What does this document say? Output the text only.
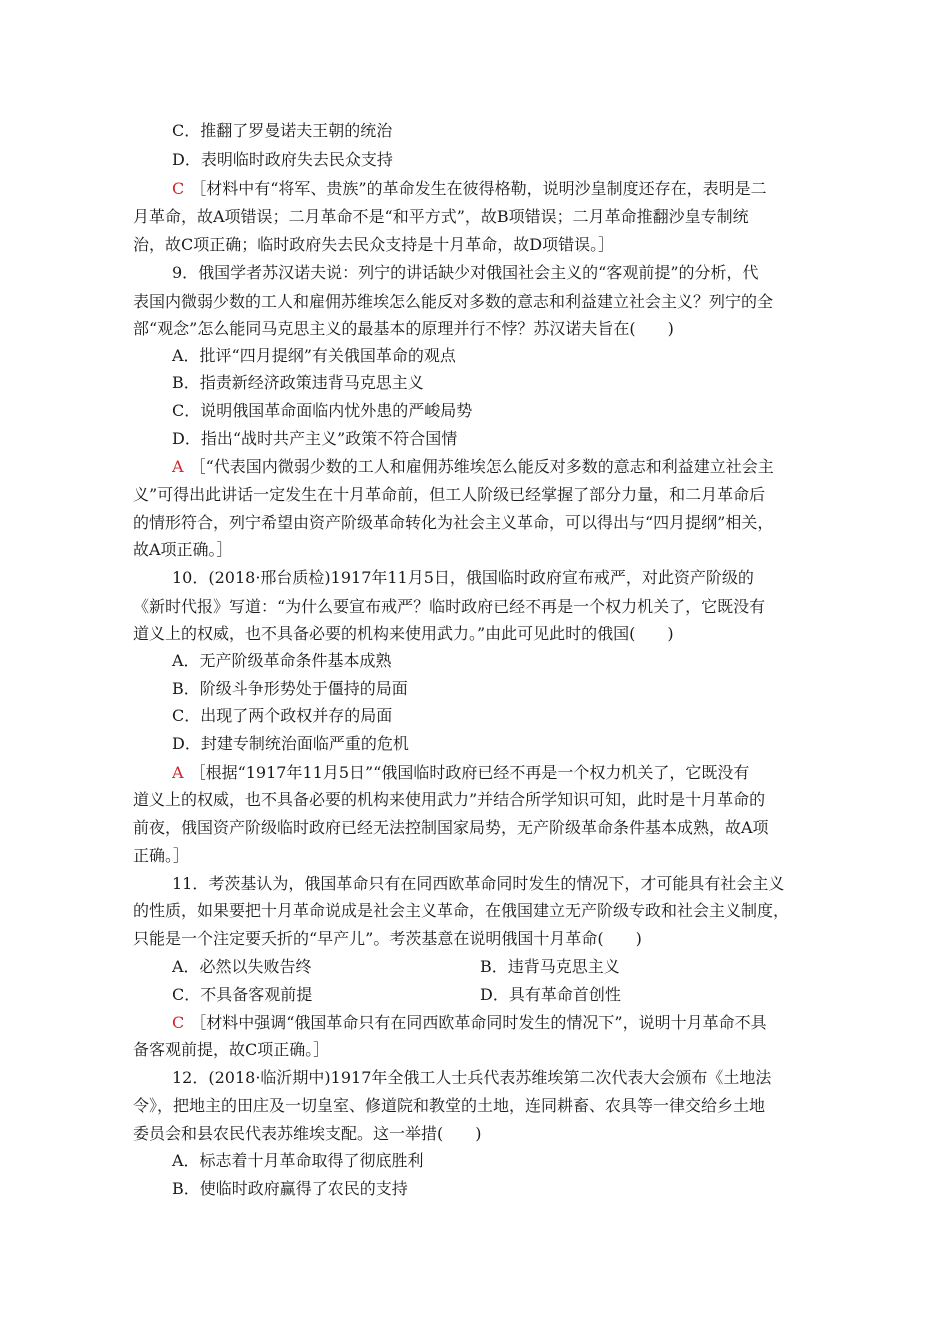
C．推翻了罗曼诺夫王朝的统治
D．表明临时政府失去民众支持
C ［材料中有“将军、贵族”的革命发生在彼得格勒，说明沙皇制度还存在，表明是二
月革命，故A项错误；二月革命不是“和平方式”，故B项错误；二月革命推翻沙皇专制统
治，故C项正确；临时政府失去民众支持是十月革命，故D项错误。］
9．俄国学者苏汉诺夫说：列宁的讲话缺少对俄国社会主义的“客观前提”的分析，代
表国内微弱少数的工人和雇佣苏维埃怎么能反对多数的意志和利益建立社会主义？列宁的全
部“观念”怎么能同马克思主义的最基本的原理并行不悖？苏汉诺夫旨在(　　)
A．批评“四月提纲”有关俄国革命的观点
B．指责新经济政策违背马克思主义
C．说明俄国革命面临内忧外患的严峻局势
D．指出“战时共产主义”政策不符合国情
A ［“代表国内微弱少数的工人和雇佣苏维埃怎么能反对多数的意志和利益建立社会主
义”可得出此讲话一定发生在十月革命前，但工人阶级已经掌握了部分力量，和二月革命后
的情形符合，列宁希望由资产阶级革命转化为社会主义革命，可以得出与“四月提纲”相关，
故A项正确。］
10．(2018·邢台质检)1917年11月5日，俄国临时政府宣布戒严，对此资产阶级的
《新时代报》写道：“为什么要宣布戒严？临时政府已经不再是一个权力机关了，它既没有
道义上的权威，也不具备必要的机构来使用武力。”由此可见此时的俄国(　　)
A．无产阶级革命条件基本成熟
B．阶级斗争形势处于僵持的局面
C．出现了两个政权并存的局面
D．封建专制统治面临严重的危机
A ［根据“1917年11月5日”“俄国临时政府已经不再是一个权力机关了，它既没有
道义上的权威，也不具备必要的机构来使用武力”并结合所学知识可知，此时是十月革命的
前夜，俄国资产阶级临时政府已经无法控制国家局势，无产阶级革命条件基本成熟，故A项
正确。］
11．考茨基认为，俄国革命只有在同西欧革命同时发生的情况下，才可能具有社会主义
的性质，如果要把十月革命说成是社会主义革命，在俄国建立无产阶级专政和社会主义制度，
只能是一个注定要夭折的“早产儿”。考茨基意在说明俄国十月革命(　　)
A．必然以失败告终	B．违背马克思主义
C．不具备客观前提	D．具有革命首创性
C ［材料中强调“俄国革命只有在同西欧革命同时发生的情况下”，说明十月革命不具
备客观前提，故C项正确。］
12．(2018·临沂期中)1917年全俄工人士兵代表苏维埃第二次代表大会颁布《土地法
令》，把地主的田庄及一切皇室、修道院和教堂的土地，连同耕畜、农具等一律交给乡土地
委员会和县农民代表苏维埃支配。这一举措(　　)
A．标志着十月革命取得了彻底胜利
B．使临时政府赢得了农民的支持
